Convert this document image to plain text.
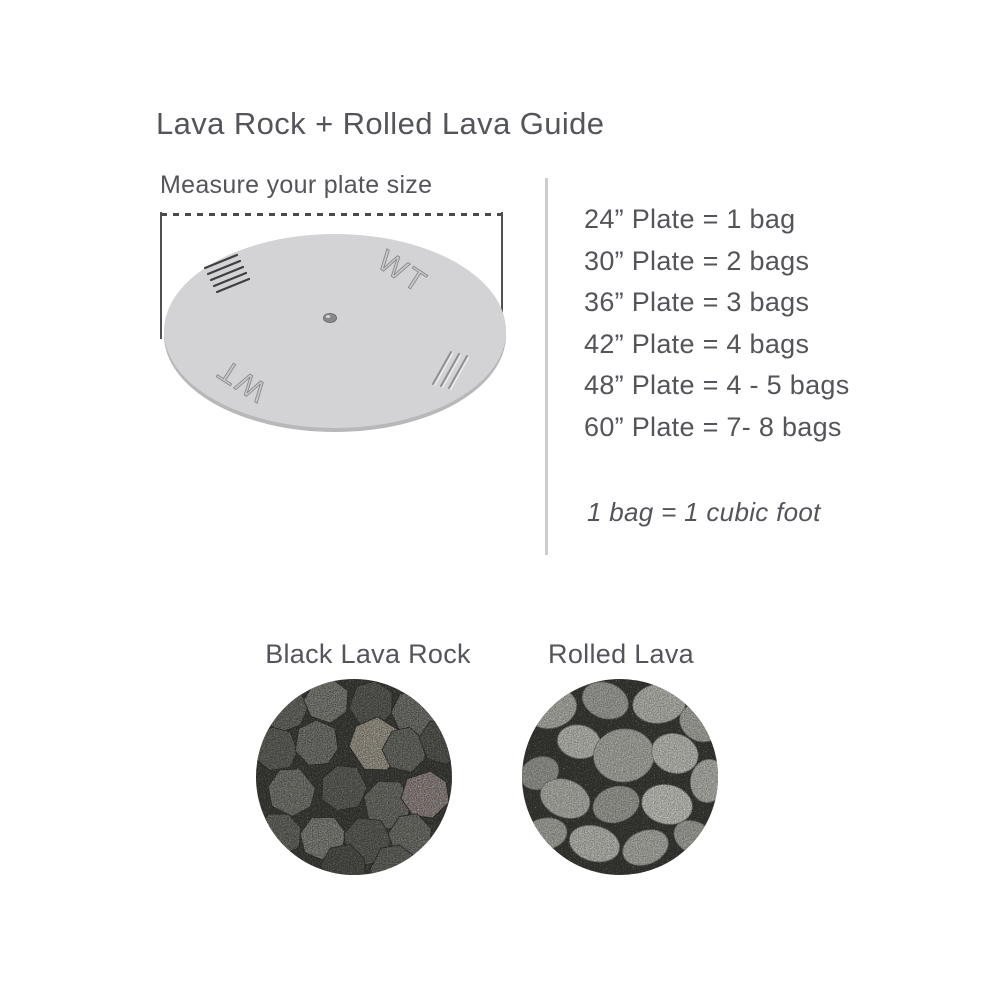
Lava Rock + Rolled Lava Guide
Measure your plate size
WT
WT
24” Plate = 1 bag
30” Plate = 2 bags
36” Plate = 3 bags
42” Plate = 4 bags
48” Plate = 4 - 5 bags
60” Plate = 7- 8 bags
1 bag = 1 cubic foot
Black Lava Rock	Rolled Lava
